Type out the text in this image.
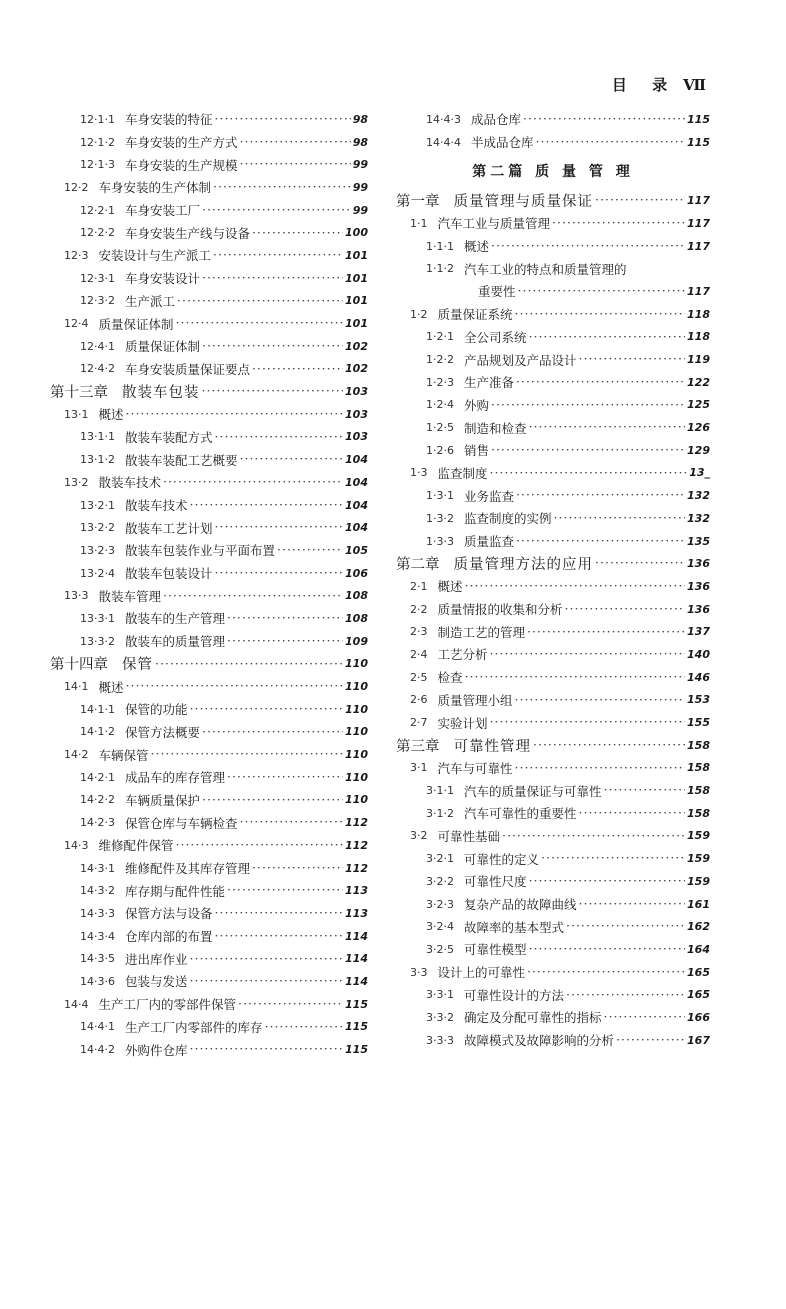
目 录 Ⅶ
12·1·1 车身安装的特征 ·····	98
12·1·2 车身安装的生产方式 ·····	98
12·1·3 车身安装的生产规模 ·····	99
12·2 车身安装的生产体制 ·····	99
12·2·1 车身安装工厂 ·····	99
12·2·2 车身安装生产线与设备 ·····	100
12·3 安装设计与生产派工 ·····	101
12·3·1 车身安装设计 ·····	101
12·3·2 生产派工 ·····	101
12·4 质量保证体制 ·····	101
12·4·1 质量保证体制 ·····	102
12·4·2 车身安装质量保证要点 ·····	102
第十三章 散装车包装 ·····	103
13·1 概述 ·····	103
13·1·1 散装车装配方式 ·····	103
13·1·2 散装车装配工艺概要 ·····	104
13·2 散装车技术 ·····	104
13·2·1 散装车技术 ·····	104
13·2·2 散装车工艺计划 ·····	104
13·2·3 散装车包装作业与平面布置 ·····	105
13·2·4 散装车包装设计 ·····	106
13·3 散装车管理 ·····	108
13·3·1 散装车的生产管理 ·····	108
13·3·2 散装车的质量管理 ·····	109
第十四章 保管 ·····	110
14·1 概述 ·····	110
14·1·1 保管的功能 ·····	110
14·1·2 保管方法概要 ·····	110
14·2 车辆保管 ·····	110
14·2·1 成品车的库存管理 ·····	110
14·2·2 车辆质量保护 ·····	110
14·2·3 保管仓库与车辆检查 ·····	112
14·3 维修配件保管 ·····	112
14·3·1 维修配件及其库存管理 ·····	112
14·3·2 库存期与配件性能 ·····	113
14·3·3 保管方法与设备 ·····	113
14·3·4 仓库内部的布置 ·····	114
14·3·5 进出库作业 ·····	114
14·3·6 包装与发送 ·····	114
14·4 生产工厂内的零部件保管 ·····	115
14·4·1 生产工厂内零部件的库存 ·····	115
14·4·2 外购件仓库 ·····	115
14·4·3 成品仓库 ·····	115
14·4·4 半成品仓库 ·····	115
第二篇 质 量 管 理
第一章 质量管理与质量保证 ·····	117
1·1 汽车工业与质量管理 ·····	117
1·1·1 概述 ·····	117
1·1·2 汽车工业的特点和质量管理的
重要性 ·····	117
1·2 质量保证系统 ·····	118
1·2·1 全公司系统 ·····	118
1·2·2 产品规划及产品设计 ·····	119
1·2·3 生产准备 ·····	122
1·2·4 外购 ·····	125
1·2·5 制造和检查 ·····	126
1·2·6 销售 ·····	129
1·3 监查制度 ·····	13_
1·3·1 业务监查 ·····	132
1·3·2 监查制度的实例 ·····	132
1·3·3 质量监查 ·····	135
第二章 质量管理方法的应用 ·····	136
2·1 概述 ·····	136
2·2 质量情报的收集和分析 ·····	136
2·3 制造工艺的管理 ·····	137
2·4 工艺分析 ·····	140
2·5 检查 ·····	146
2·6 质量管理小组 ·····	153
2·7 实验计划 ·····	155
第三章 可靠性管理 ·····	158
3·1 汽车与可靠性 ·····	158
3·1·1 汽车的质量保证与可靠性 ·····	158
3·1·2 汽车可靠性的重要性 ·····	158
3·2 可靠性基础 ·····	159
3·2·1 可靠性的定义 ·····	159
3·2·2 可靠性尺度 ·····	159
3·2·3 复杂产品的故障曲线 ·····	161
3·2·4 故障率的基本型式 ·····	162
3·2·5 可靠性模型 ·····	164
3·3 设计上的可靠性 ·····	165
3·3·1 可靠性设计的方法 ·····	165
3·3·2 确定及分配可靠性的指标 ·····	166
3·3·3 故障模式及故障影响的分析 ·····	167
